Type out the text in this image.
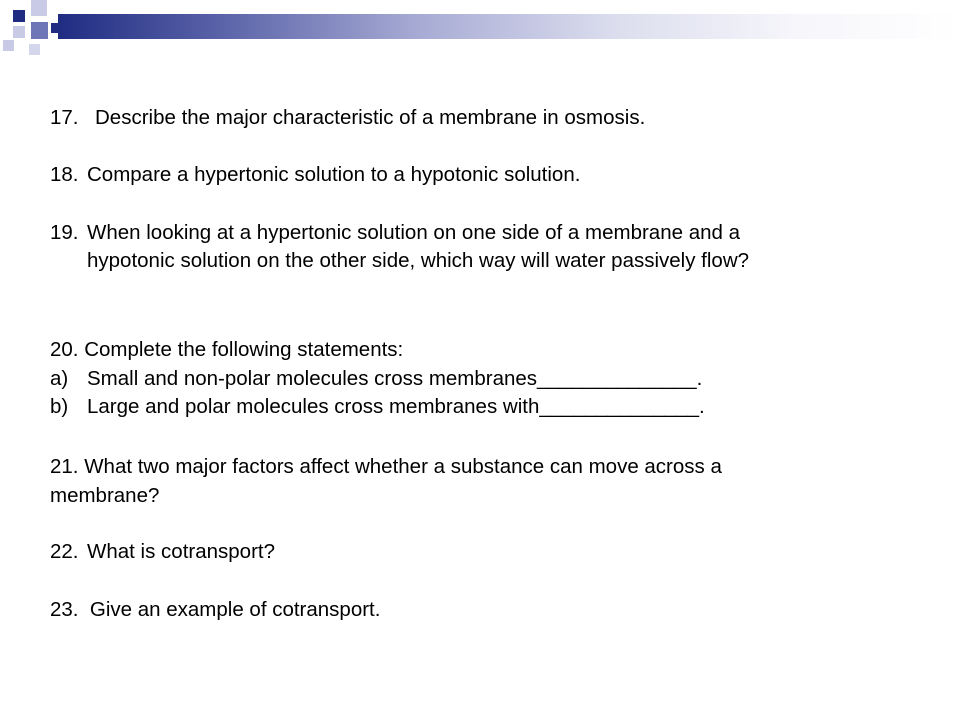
17. Describe the major characteristic of a membrane in osmosis.
18. Compare a hypertonic solution to a hypotonic solution.
19. When looking at a hypertonic solution on one side of a membrane and a
hypotonic solution on the other side, which way will water passively flow?
20. Complete the following statements:
a) Small and non-polar molecules cross membranes______________.
b) Large and polar molecules cross membranes with______________.
21. What two major factors affect whether a substance can move across a
membrane?
22. What is cotransport?
23.  Give an example of cotransport.
